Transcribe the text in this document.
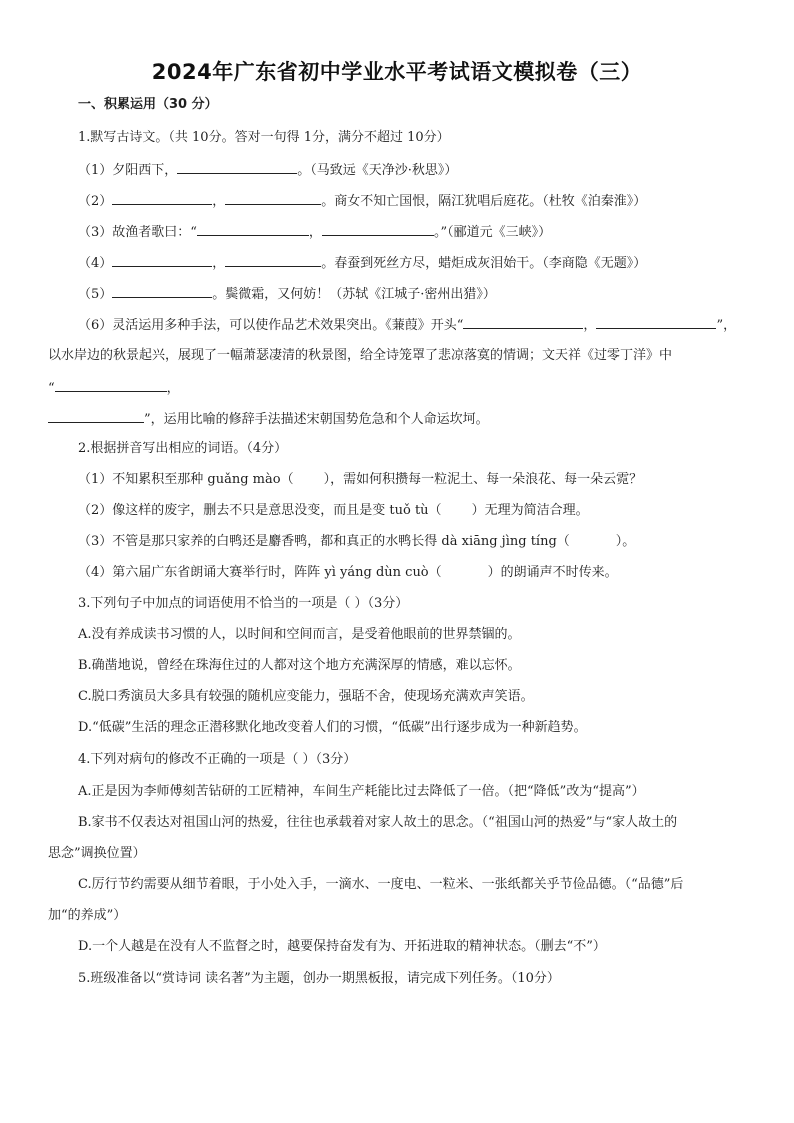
2024年广东省初中学业水平考试语文模拟卷（三）
一、积累运用（30 分）
1.默写古诗文。（共 10分。答对一句得 1分，满分不超过 10分）
（1）夕阳西下，	。（马致远《天净沙·秋思》）
（2）	，	。商女不知亡国恨，隔江犹唱后庭花。（杜牧《泊秦淮》）
（3）故渔者歌曰：“	，	。”（郦道元《三峡》）
（4）	，	。春蚕到死丝方尽，蜡炬成灰泪始干。（李商隐《无题》）
（5）	。鬓微霜，又何妨！（苏轼《江城子·密州出猎》）
（6）灵活运用多种手法，可以使作品艺术效果突出。《蒹葭》开头“	，	”，
以水岸边的秋景起兴，展现了一幅萧瑟凄清的秋景图，给全诗笼罩了悲凉落寞的情调；文天祥《过零丁洋》中
“	，
”，运用比喻的修辞手法描述宋朝国势危急和个人命运坎坷。
2.根据拼音写出相应的词语。（4分）
（1）不知累积至那种 guǎng mào（ ），需如何积攒每一粒泥土、每一朵浪花、每一朵云霓？
（2）像这样的废字，删去不只是意思没变，而且是变 tuǒ tù（ ）无理为简洁合理。
（3）不管是那只家养的白鸭还是麝香鸭，都和真正的水鸭长得 dà xiāng jìng tíng（	）。
（4）第六届广东省朗诵大赛举行时，阵阵 yì yáng dùn cuò（	）的朗诵声不时传来。
3.下列句子中加点的词语使用不恰当的一项是（ ）（3分）
A.没有养成读书习惯的人，以时间和空间而言，是受着他眼前的世界禁锢的。
B.确凿地说，曾经在珠海住过的人都对这个地方充满深厚的情感，难以忘怀。
C.脱口秀演员大多具有较强的随机应变能力，强聒不舍，使现场充满欢声笑语。
D.“低碳”生活的理念正潜移默化地改变着人们的习惯，“低碳”出行逐步成为一种新趋势。
4.下列对病句的修改不正确的一项是（ ）（3分）
A.正是因为李师傅刻苦钻研的工匠精神，车间生产耗能比过去降低了一倍。（把“降低”改为“提高”）
B.家书不仅表达对祖国山河的热爱，往往也承载着对家人故土的思念。（“祖国山河的热爱”与“家人故土的
思念”调换位置）
C.厉行节约需要从细节着眼，于小处入手，一滴水、一度电、一粒米、一张纸都关乎节俭品德。（“品德”后
加“的养成”）
D.一个人越是在没有人不监督之时，越要保持奋发有为、开拓进取的精神状态。（删去“不”）
5.班级准备以“赏诗词 读名著”为主题，创办一期黑板报，请完成下列任务。（10分）
